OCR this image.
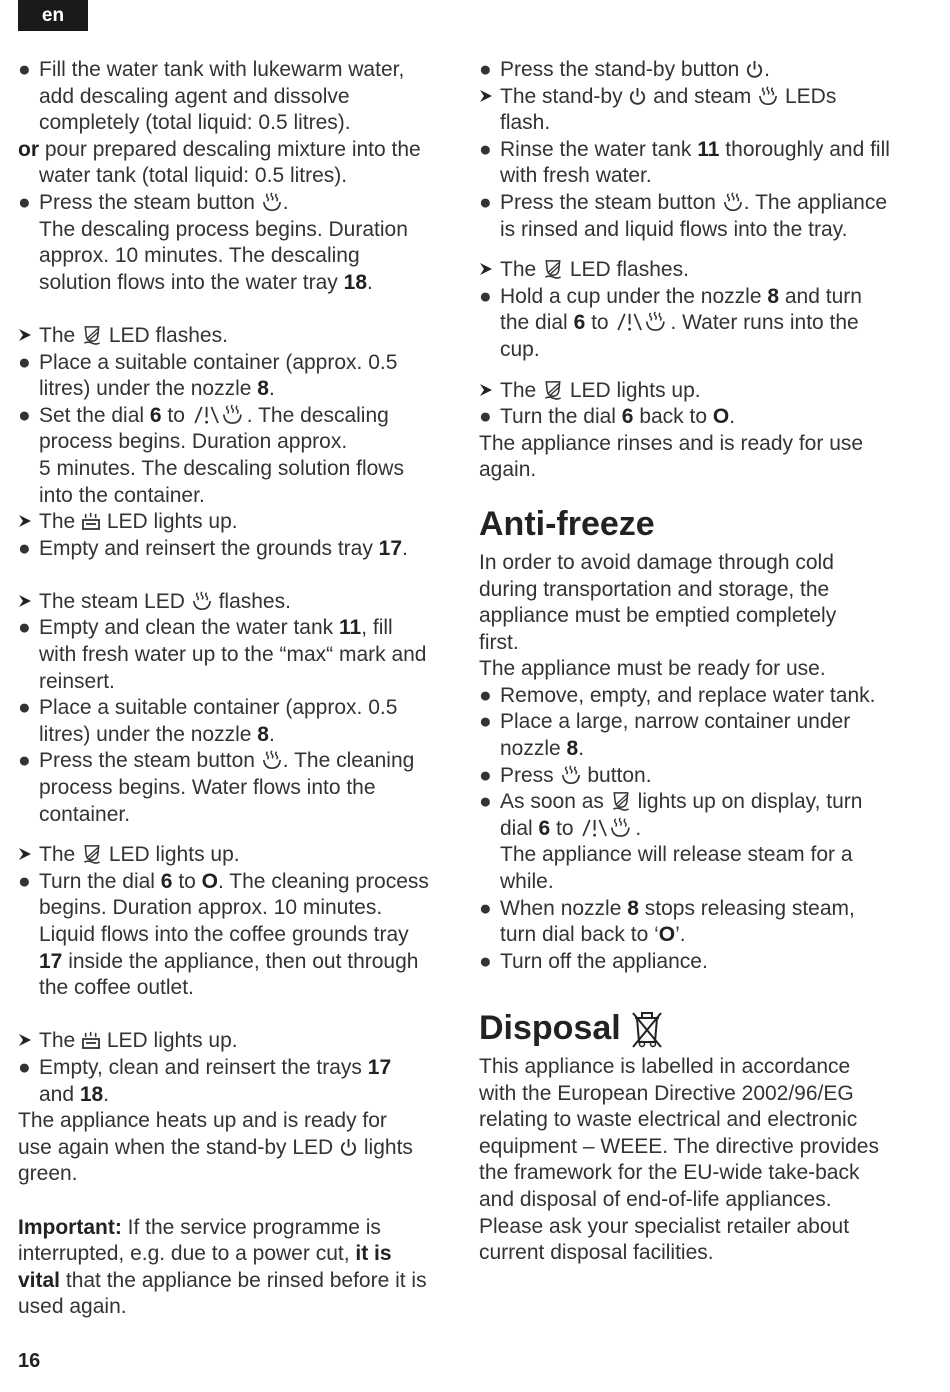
en
● Fill the water tank with lukewarm water,
add descaling agent and dissolve
completely (total liquid: 0.5 litres).
or pour prepared descaling mixture into the
water tank (total liquid: 0.5 litres).
● Press the steam button
.
The descaling process begins. Duration
approx. 10 minutes. The descaling
solution flows into the water tray 18.
The
LED flashes.
● Place a suitable container (approx. 0.5
litres) under the nozzle 8.
● Set the dial 6 to	. The descaling
process begins. Duration approx.
5 minutes. The descaling solution flows
into the container.
The
LED lights up.
● Empty and reinsert the grounds tray 17.
The steam LED
flashes.
● Empty and clean the water tank 11, fill
with fresh water up to the “max“ mark and
reinsert.
● Place a suitable container (approx. 0.5
litres) under the nozzle 8.
● Press the steam button
. The cleaning
process begins. Water flows into the
container.
The
LED lights up.
● Turn the dial 6 to O. The cleaning process
begins. Duration approx. 10 minutes.
Liquid flows into the coffee grounds tray
17 inside the appliance, then out through
the coffee outlet.
The
LED lights up.
● Empty, clean and reinsert the trays 17
and 18.
The appliance heats up and is ready for
use again when the stand-by LED
lights
green.
Important: If the service programme is
interrupted, e.g. due to a power cut, it is
vital that the appliance be rinsed before it is
used again.
● Press the stand-by button
.
The stand-by
and steam
LEDs
flash.
● Rinse the water tank 11 thoroughly and fill
with fresh water.
● Press the steam button
. The appliance
is rinsed and liquid flows into the tray.
The
LED flashes.
● Hold a cup under the nozzle 8 and turn
the dial 6 to	. Water runs into the
cup.
The
LED lights up.
● Turn the dial 6 back to O.
The appliance rinses and is ready for use
again.
Anti-freeze
In order to avoid damage through cold
during transportation and storage, the
appliance must be emptied completely
first.
The appliance must be ready for use.
● Remove, empty, and replace water tank.
● Place a large, narrow container under
nozzle 8.
● Press
button.
● As soon as
lights up on display, turn
dial 6 to	.
The appliance will release steam for a
while.
● When nozzle 8 stops releasing steam,
turn dial back to ‘O’.
● Turn off the appliance.
Disposal
This appliance is labelled in accordance
with the European Directive 2002/96/EG
relating to waste electrical and electronic
equipment – WEEE. The directive provides
the framework for the EU-wide take-back
and disposal of end-of-life appliances.
Please ask your specialist retailer about
current disposal facilities.
16
